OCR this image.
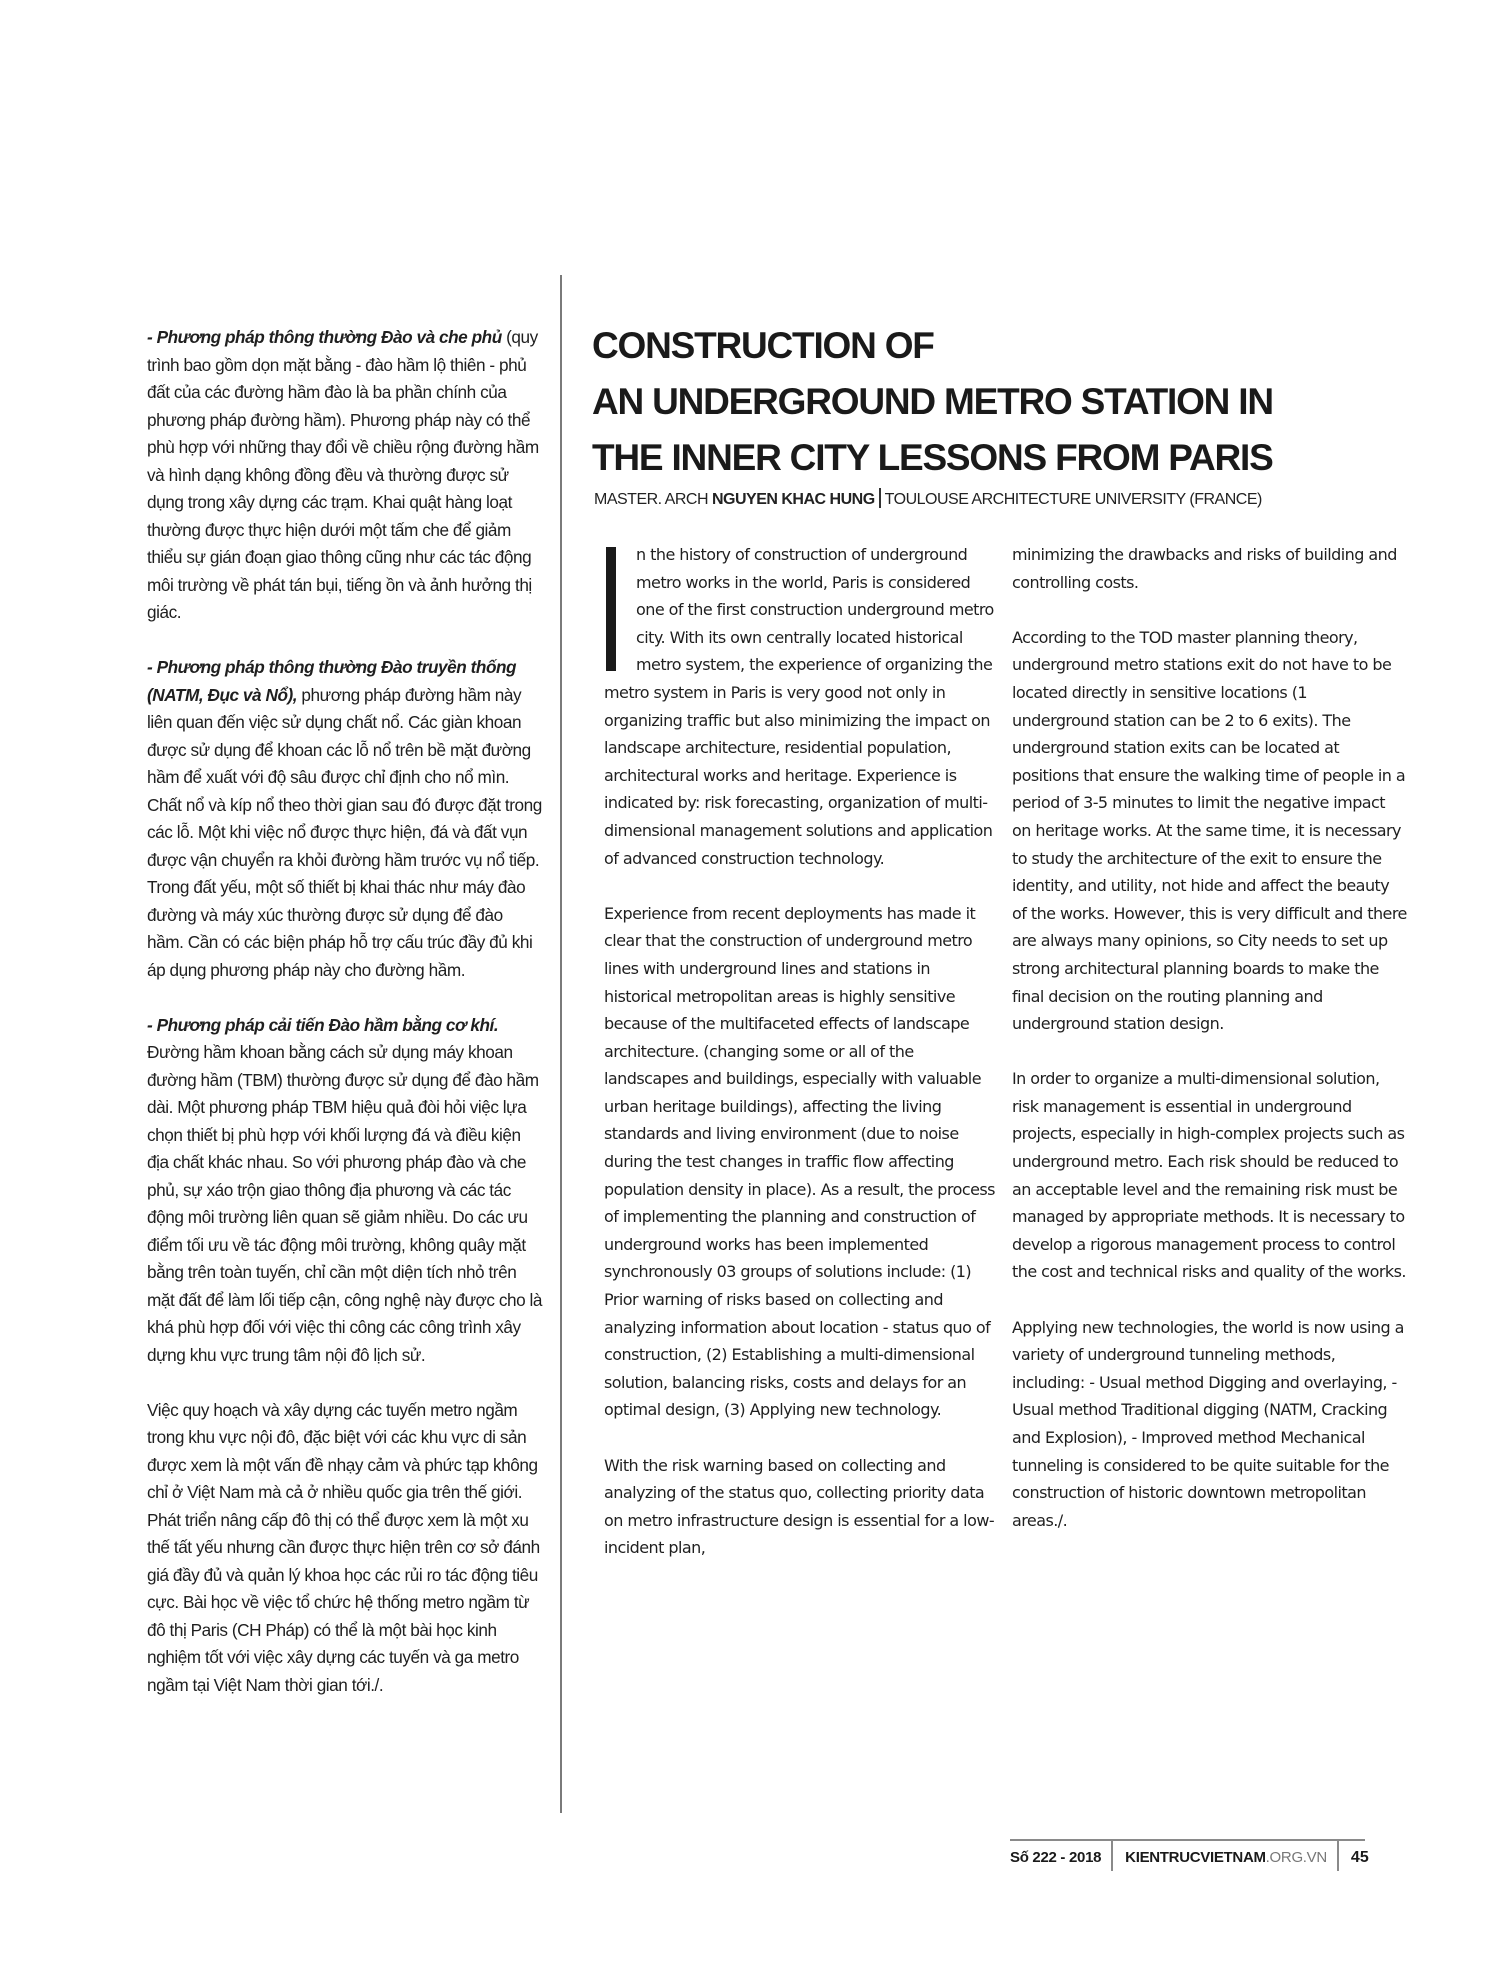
- Phương pháp thông thường Đào và che phủ (quy trình bao gồm dọn mặt bằng - đào hầm lộ thiên - phủ đất của các đường hầm đào là ba phần chính của phương pháp đường hầm). Phương pháp này có thể phù hợp với những thay đổi về chiều rộng đường hầm và hình dạng không đồng đều và thường được sử dụng trong xây dựng các trạm. Khai quật hàng loạt thường được thực hiện dưới một tấm che để giảm thiểu sự gián đoạn giao thông cũng như các tác động môi trường về phát tán bụi, tiếng ồn và ảnh hưởng thị giác.

- Phương pháp thông thường Đào truyền thống (NATM, Đục và Nổ), phương pháp đường hầm này liên quan đến việc sử dụng chất nổ. Các giàn khoan được sử dụng để khoan các lỗ nổ trên bề mặt đường hầm để xuất với độ sâu được chỉ định cho nổ mìn. Chất nổ và kíp nổ theo thời gian sau đó được đặt trong các lỗ. Một khi việc nổ được thực hiện, đá và đất vụn được vận chuyển ra khỏi đường hầm trước vụ nổ tiếp. Trong đất yếu, một số thiết bị khai thác như máy đào đường và máy xúc thường được sử dụng để đào hầm. Cần có các biện pháp hỗ trợ cấu trúc đầy đủ khi áp dụng phương pháp này cho đường hầm.

- Phương pháp cải tiến Đào hầm bằng cơ khí. Đường hầm khoan bằng cách sử dụng máy khoan đường hầm (TBM) thường được sử dụng để đào hầm dài. Một phương pháp TBM hiệu quả đòi hỏi việc lựa chọn thiết bị phù hợp với khối lượng đá và điều kiện địa chất khác nhau. So với phương pháp đào và che phủ, sự xáo trộn giao thông địa phương và các tác động môi trường liên quan sẽ giảm nhiều. Do các ưu điểm tối ưu về tác động môi trường, không quây mặt bằng trên toàn tuyến, chỉ cần một diện tích nhỏ trên mặt đất để làm lối tiếp cận, công nghệ này được cho là khá phù hợp đối với việc thi công các công trình xây dựng khu vực trung tâm nội đô lịch sử.

Việc quy hoạch và xây dựng các tuyến metro ngầm trong khu vực nội đô, đặc biệt với các khu vực di sản được xem là một vấn đề nhạy cảm và phức tạp không chỉ ở Việt Nam mà cả ở nhiều quốc gia trên thế giới. Phát triển nâng cấp đô thị có thể được xem là một xu thế tất yếu nhưng cần được thực hiện trên cơ sở đánh giá đầy đủ và quản lý khoa học các rủi ro tác động tiêu cực. Bài học về việc tổ chức hệ thống metro ngầm từ đô thị Paris (CH Pháp) có thể là một bài học kinh nghiệm tốt với việc xây dựng các tuyến và ga metro ngầm tại Việt Nam thời gian tới./.

CONSTRUCTION OF
AN UNDERGROUND METRO STATION IN
THE INNER CITY LESSONS FROM PARIS
MASTER. ARCH NGUYEN KHAC HUNG TOULOUSE ARCHITECTURE UNIVERSITY (FRANCE)

n the history of construction of underground metro works in the world, Paris is considered one of the first construction underground metro city. With its own centrally located historical metro system, the experience of organizing the metro system in Paris is very good not only in organizing traffic but also minimizing the impact on landscape architecture, residential population, architectural works and heritage. Experience is indicated by: risk forecasting, organization of multi-dimensional management solutions and application of advanced construction technology.

Experience from recent deployments has made it clear that the construction of underground metro lines with underground lines and stations in historical metropolitan areas is highly sensitive because of the multifaceted effects of landscape architecture. (changing some or all of the landscapes and buildings, especially with valuable urban heritage buildings), affecting the living standards and living environment (due to noise during the test changes in traffic flow affecting population density in place). As a result, the process of implementing the planning and construction of underground works has been implemented synchronously 03 groups of solutions include: (1) Prior warning of risks based on collecting and analyzing information about location - status quo of construction, (2) Establishing a multi-dimensional solution, balancing risks, costs and delays for an optimal design, (3) Applying new technology.

With the risk warning based on collecting and analyzing of the status quo, collecting priority data on metro infrastructure design is essential for a low-incident plan,

minimizing the drawbacks and risks of building and controlling costs.

According to the TOD master planning theory, underground metro stations exit do not have to be located directly in sensitive locations (1 underground station can be 2 to 6 exits). The underground station exits can be located at positions that ensure the walking time of people in a period of 3-5 minutes to limit the negative impact on heritage works. At the same time, it is necessary to study the architecture of the exit to ensure the identity, and utility, not hide and affect the beauty of the works. However, this is very difficult and there are always many opinions, so City needs to set up strong architectural planning boards to make the final decision on the routing planning and underground station design.

In order to organize a multi-dimensional solution, risk management is essential in underground projects, especially in high-complex projects such as underground metro. Each risk should be reduced to an acceptable level and the remaining risk must be managed by appropriate methods. It is necessary to develop a rigorous management process to control the cost and technical risks and quality of the works.

Applying new technologies, the world is now using a variety of underground tunneling methods, including: - Usual method Digging and overlaying, - Usual method Traditional digging (NATM, Cracking and Explosion), - Improved method Mechanical tunneling is considered to be quite suitable for the construction of historic downtown metropolitan areas./.

Số 222 - 2018	KIENTRUCVIETNAM.ORG.VN	45
